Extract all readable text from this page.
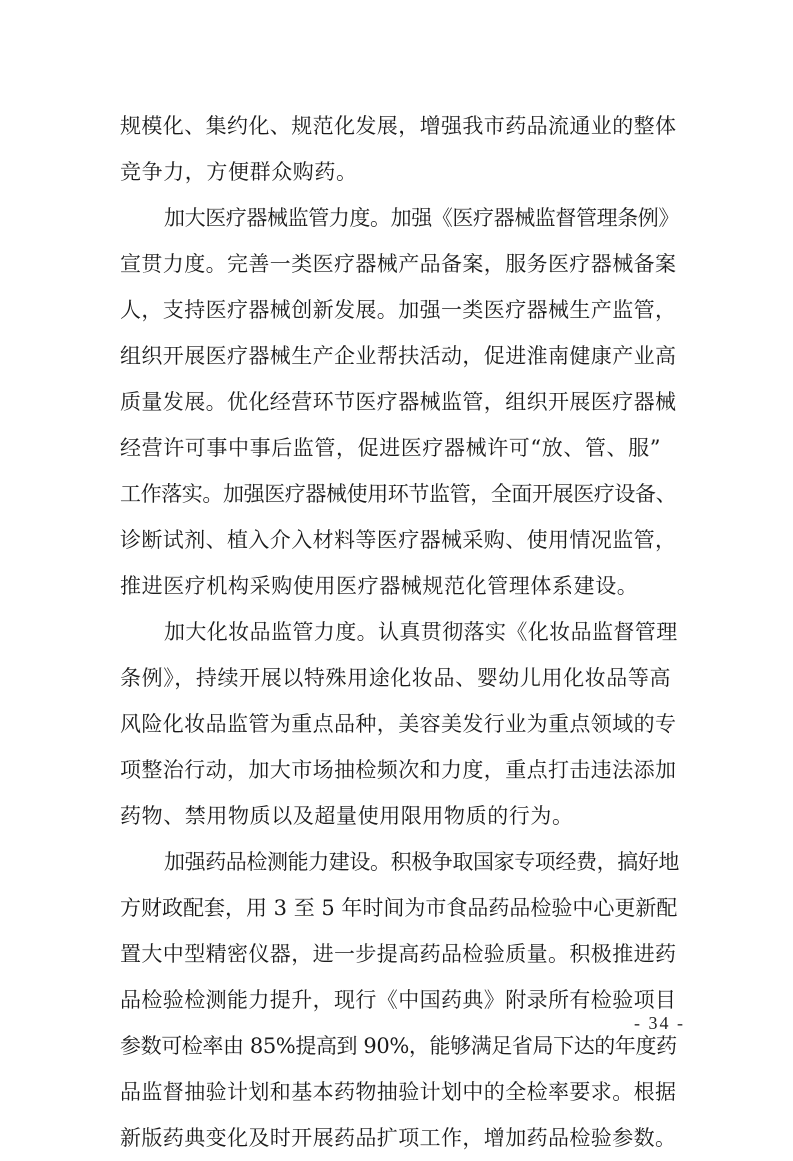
规模化、集约化、规范化发展，增强我市药品流通业的整体
竞争力，方便群众购药。
加大医疗器械监管力度。加强《医疗器械监督管理条例》
宣贯力度。完善一类医疗器械产品备案，服务医疗器械备案
人，支持医疗器械创新发展。加强一类医疗器械生产监管，
组织开展医疗器械生产企业帮扶活动，促进淮南健康产业高
质量发展。优化经营环节医疗器械监管，组织开展医疗器械
经营许可事中事后监管，促进医疗器械许可“放、管、服”
工作落实。加强医疗器械使用环节监管，全面开展医疗设备、
诊断试剂、植入介入材料等医疗器械采购、使用情况监管，
推进医疗机构采购使用医疗器械规范化管理体系建设。
加大化妆品监管力度。认真贯彻落实《化妆品监督管理
条例》，持续开展以特殊用途化妆品、婴幼儿用化妆品等高
风险化妆品监管为重点品种，美容美发行业为重点领域的专
项整治行动，加大市场抽检频次和力度，重点打击违法添加
药物、禁用物质以及超量使用限用物质的行为。
加强药品检测能力建设。积极争取国家专项经费，搞好地
方财政配套，用 3 至 5 年时间为市食品药品检验中心更新配
置大中型精密仪器，进一步提高药品检验质量。积极推进药
品检验检测能力提升，现行《中国药典》附录所有检验项目
参数可检率由 85%提高到 90%，能够满足省局下达的年度药
品监督抽验计划和基本药物抽验计划中的全检率要求。根据
新版药典变化及时开展药品扩项工作，增加药品检验参数。
- 34 -
